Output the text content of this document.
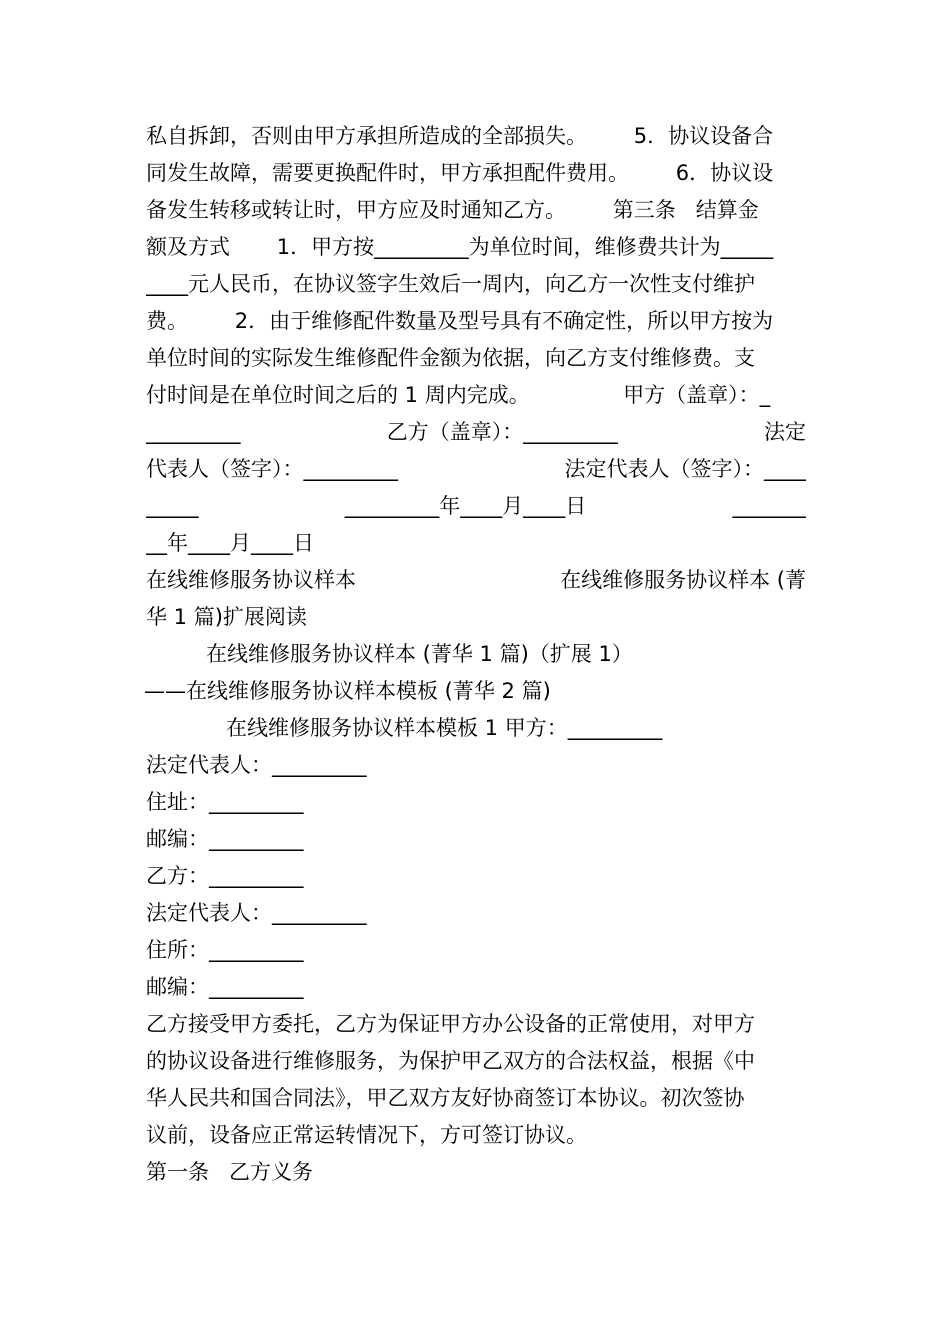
私自拆卸，否则由甲方承担所造成的全部损失。       5．协议设备合
同发生故障，需要更换配件时，甲方承担配件费用。       6．协议设
备发生转移或转让时，甲方应及时通知乙方。       第三条   结算金
额及方式       1．甲方按_________为单位时间，维修费共计为_____
____元人民币，在协议签字生效后一周内，向乙方一次性支付维护
费。       2．由于维修配件数量及型号具有不确定性，所以甲方按为
单位时间的实际发生维修配件金额为依据，向乙方支付维修费。支
付时间是在单位时间之后的 1 周内完成。              甲方（盖章）：_
_________	乙方（盖章）：_________	法定
代表人（签字）：_________	法定代表人（签字）：____
_____	_________年____月____日	_______
__年____月____日
在线维修服务协议样本	在线维修服务协议样本 (菁
华 1 篇)扩展阅读
在线维修服务协议样本 (菁华 1 篇)（扩展 1）
——在线维修服务协议样本模板 (菁华 2 篇)
在线维修服务协议样本模板 1 甲方：_________
法定代表人：_________
住址：_________
邮编：_________
乙方：_________
法定代表人：_________
住所：_________
邮编：_________
乙方接受甲方委托，乙方为保证甲方办公设备的正常使用，对甲方
的协议设备进行维修服务，为保护甲乙双方的合法权益，根据《中
华人民共和国合同法》，甲乙双方友好协商签订本协议。初次签协
议前，设备应正常运转情况下，方可签订协议。
第一条   乙方义务
